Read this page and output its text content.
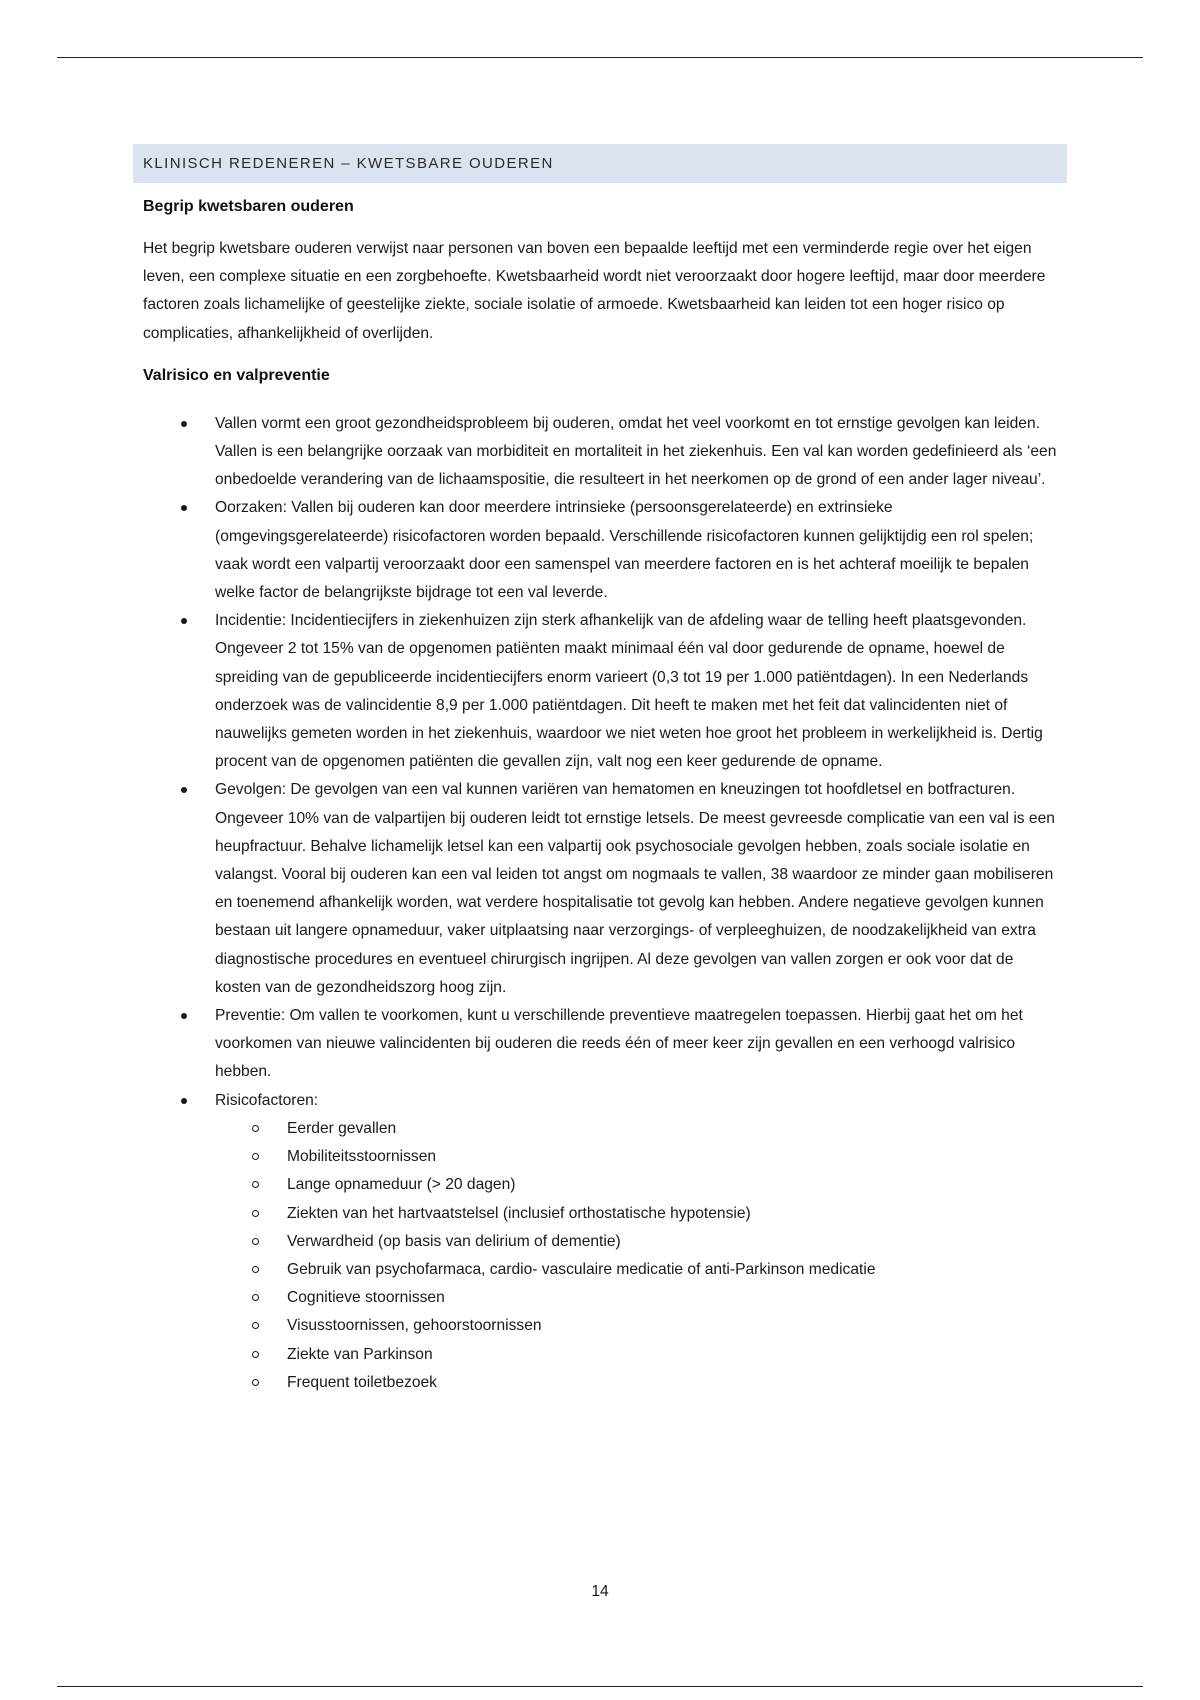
KLINISCH REDENEREN – KWETSBARE OUDEREN
Begrip kwetsbaren ouderen

Het begrip kwetsbare ouderen verwijst naar personen van boven een bepaalde leeftijd met een verminderde regie over het eigen leven, een complexe situatie en een zorgbehoefte. Kwetsbaarheid wordt niet veroorzaakt door hogere leeftijd, maar door meerdere factoren zoals lichamelijke of geestelijke ziekte, sociale isolatie of armoede. Kwetsbaarheid kan leiden tot een hoger risico op complicaties, afhankelijkheid of overlijden.

Valrisico en valpreventie
Vallen vormt een groot gezondheidsprobleem bij ouderen, omdat het veel voorkomt en tot ernstige gevolgen kan leiden. Vallen is een belangrijke oorzaak van morbiditeit en mortaliteit in het ziekenhuis. Een val kan worden gedefinieerd als ‘een onbedoelde verandering van de lichaamspositie, die resulteert in het neerkomen op de grond of een ander lager niveau’.
Oorzaken: Vallen bij ouderen kan door meerdere intrinsieke (persoonsgerelateerde) en extrinsieke (omgevingsgerelateerde) risicofactoren worden bepaald. Verschillende risicofactoren kunnen gelijktijdig een rol spelen; vaak wordt een valpartij veroorzaakt door een samenspel van meerdere factoren en is het achteraf moeilijk te bepalen welke factor de belangrijkste bijdrage tot een val leverde.
Incidentie: Incidentiecijfers in ziekenhuizen zijn sterk afhankelijk van de afdeling waar de telling heeft plaatsgevonden. Ongeveer 2 tot 15% van de opgenomen patiënten maakt minimaal één val door gedurende de opname, hoewel de spreiding van de gepubliceerde incidentiecijfers enorm varieert (0,3 tot 19 per 1.000 patiëntdagen). In een Nederlands onderzoek was de valincidentie 8,9 per 1.000 patiëntdagen. Dit heeft te maken met het feit dat valincidenten niet of nauwelijks gemeten worden in het ziekenhuis, waardoor we niet weten hoe groot het probleem in werkelijkheid is. Dertig procent van de opgenomen patiënten die gevallen zijn, valt nog een keer gedurende de opname.
Gevolgen: De gevolgen van een val kunnen variëren van hematomen en kneuzingen tot hoofdletsel en botfracturen. Ongeveer 10% van de valpartijen bij ouderen leidt tot ernstige letsels. De meest gevreesde complicatie van een val is een heupfractuur. Behalve lichamelijk letsel kan een valpartij ook psychosociale gevolgen hebben, zoals sociale isolatie en valangst. Vooral bij ouderen kan een val leiden tot angst om nogmaals te vallen, 38 waardoor ze minder gaan mobiliseren en toenemend afhankelijk worden, wat verdere hospitalisatie tot gevolg kan hebben. Andere negatieve gevolgen kunnen bestaan uit langere opnameduur, vaker uitplaatsing naar verzorgings- of verpleeghuizen, de noodzakelijkheid van extra diagnostische procedures en eventueel chirurgisch ingrijpen. Al deze gevolgen van vallen zorgen er ook voor dat de kosten van de gezondheidszorg hoog zijn.
Preventie: Om vallen te voorkomen, kunt u verschillende preventieve maatregelen toepassen. Hierbij gaat het om het voorkomen van nieuwe valincidenten bij ouderen die reeds één of meer keer zijn gevallen en een verhoogd valrisico hebben.
Risicofactoren:
Eerder gevallen
Mobiliteitsstoornissen
Lange opnameduur (> 20 dagen)
Ziekten van het hartvaatstelsel (inclusief orthostatische hypotensie)
Verwardheid (op basis van delirium of dementie)
Gebruik van psychofarmaca, cardio- vasculaire medicatie of anti-Parkinson medicatie
Cognitieve stoornissen
Visusstoornissen, gehoorstoornissen
Ziekte van Parkinson
Frequent toiletbezoek
14
